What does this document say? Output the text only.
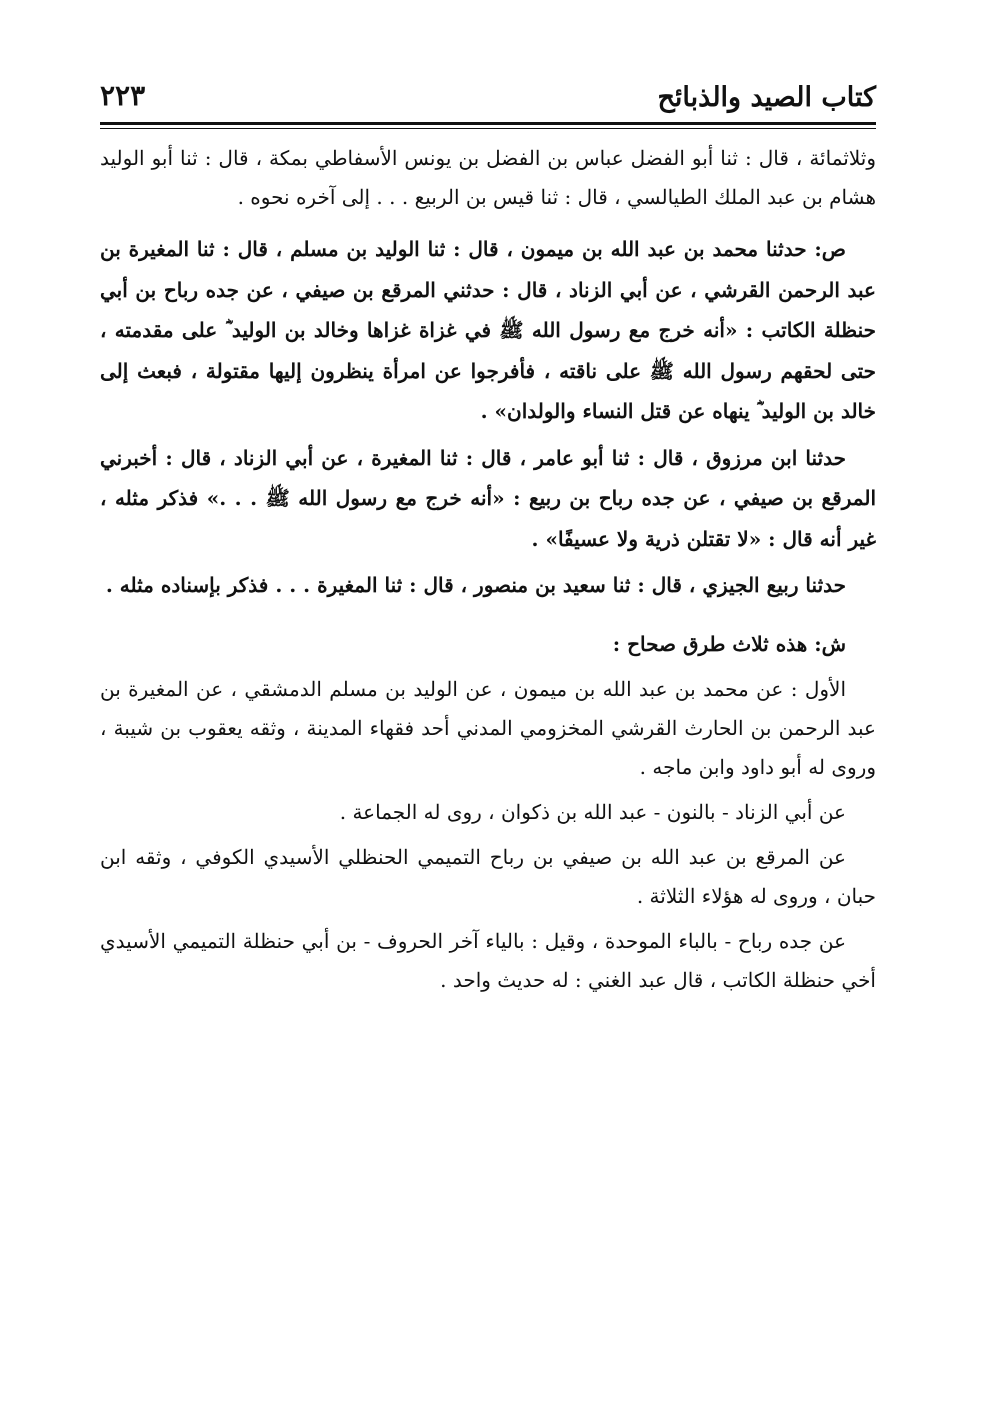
كتاب الصيد والذبائح
٢٢٣

وثلاثمائة ، قال : ثنا أبو الفضل عباس بن الفضل بن يونس الأسفاطي بمكة ، قال : ثنا أبو الوليد هشام بن عبد الملك الطيالسي ، قال : ثنا قيس بن الربيع . . . إلى آخره نحوه .

ص: حدثنا محمد بن عبد الله بن ميمون ، قال : ثنا الوليد بن مسلم ، قال : ثنا المغيرة بن عبد الرحمن القرشي ، عن أبي الزناد ، قال : حدثني المرقع بن صيفي ، عن جده رباح بن أبي حنظلة الكاتب : «أنه خرج مع رسول الله ﷺ في غزاة غزاها وخالد بن الوليد ؓ على مقدمته ، حتى لحقهم رسول الله ﷺ على ناقته ، فأفرجوا عن امرأة ينظرون إليها مقتولة ، فبعث إلى خالد بن الوليد ؓ ينهاه عن قتل النساء والولدان» .

حدثنا ابن مرزوق ، قال : ثنا أبو عامر ، قال : ثنا المغيرة ، عن أبي الزناد ، قال : أخبرني المرقع بن صيفي ، عن جده رباح بن ربيع : «أنه خرج مع رسول الله ﷺ . . .» فذكر مثله ، غير أنه قال : «لا تقتلن ذرية ولا عسيفًا» .

حدثنا ربيع الجيزي ، قال : ثنا سعيد بن منصور ، قال : ثنا المغيرة . . . فذكر بإسناده مثله .

ش: هذه ثلاث طرق صحاح :

الأول : عن محمد بن عبد الله بن ميمون ، عن الوليد بن مسلم الدمشقي ، عن المغيرة بن عبد الرحمن بن الحارث القرشي المخزومي المدني أحد فقهاء المدينة ، وثقه يعقوب بن شيبة ، وروى له أبو داود وابن ماجه .

عن أبي الزناد - بالنون - عبد الله بن ذكوان ، روى له الجماعة .

عن المرقع بن عبد الله بن صيفي بن رباح التميمي الحنظلي الأسيدي الكوفي ، وثقه ابن حبان ، وروى له هؤلاء الثلاثة .

عن جده رباح - بالباء الموحدة ، وقيل : بالياء آخر الحروف - بن أبي حنظلة التميمي الأسيدي أخي حنظلة الكاتب ، قال عبد الغني : له حديث واحد .
